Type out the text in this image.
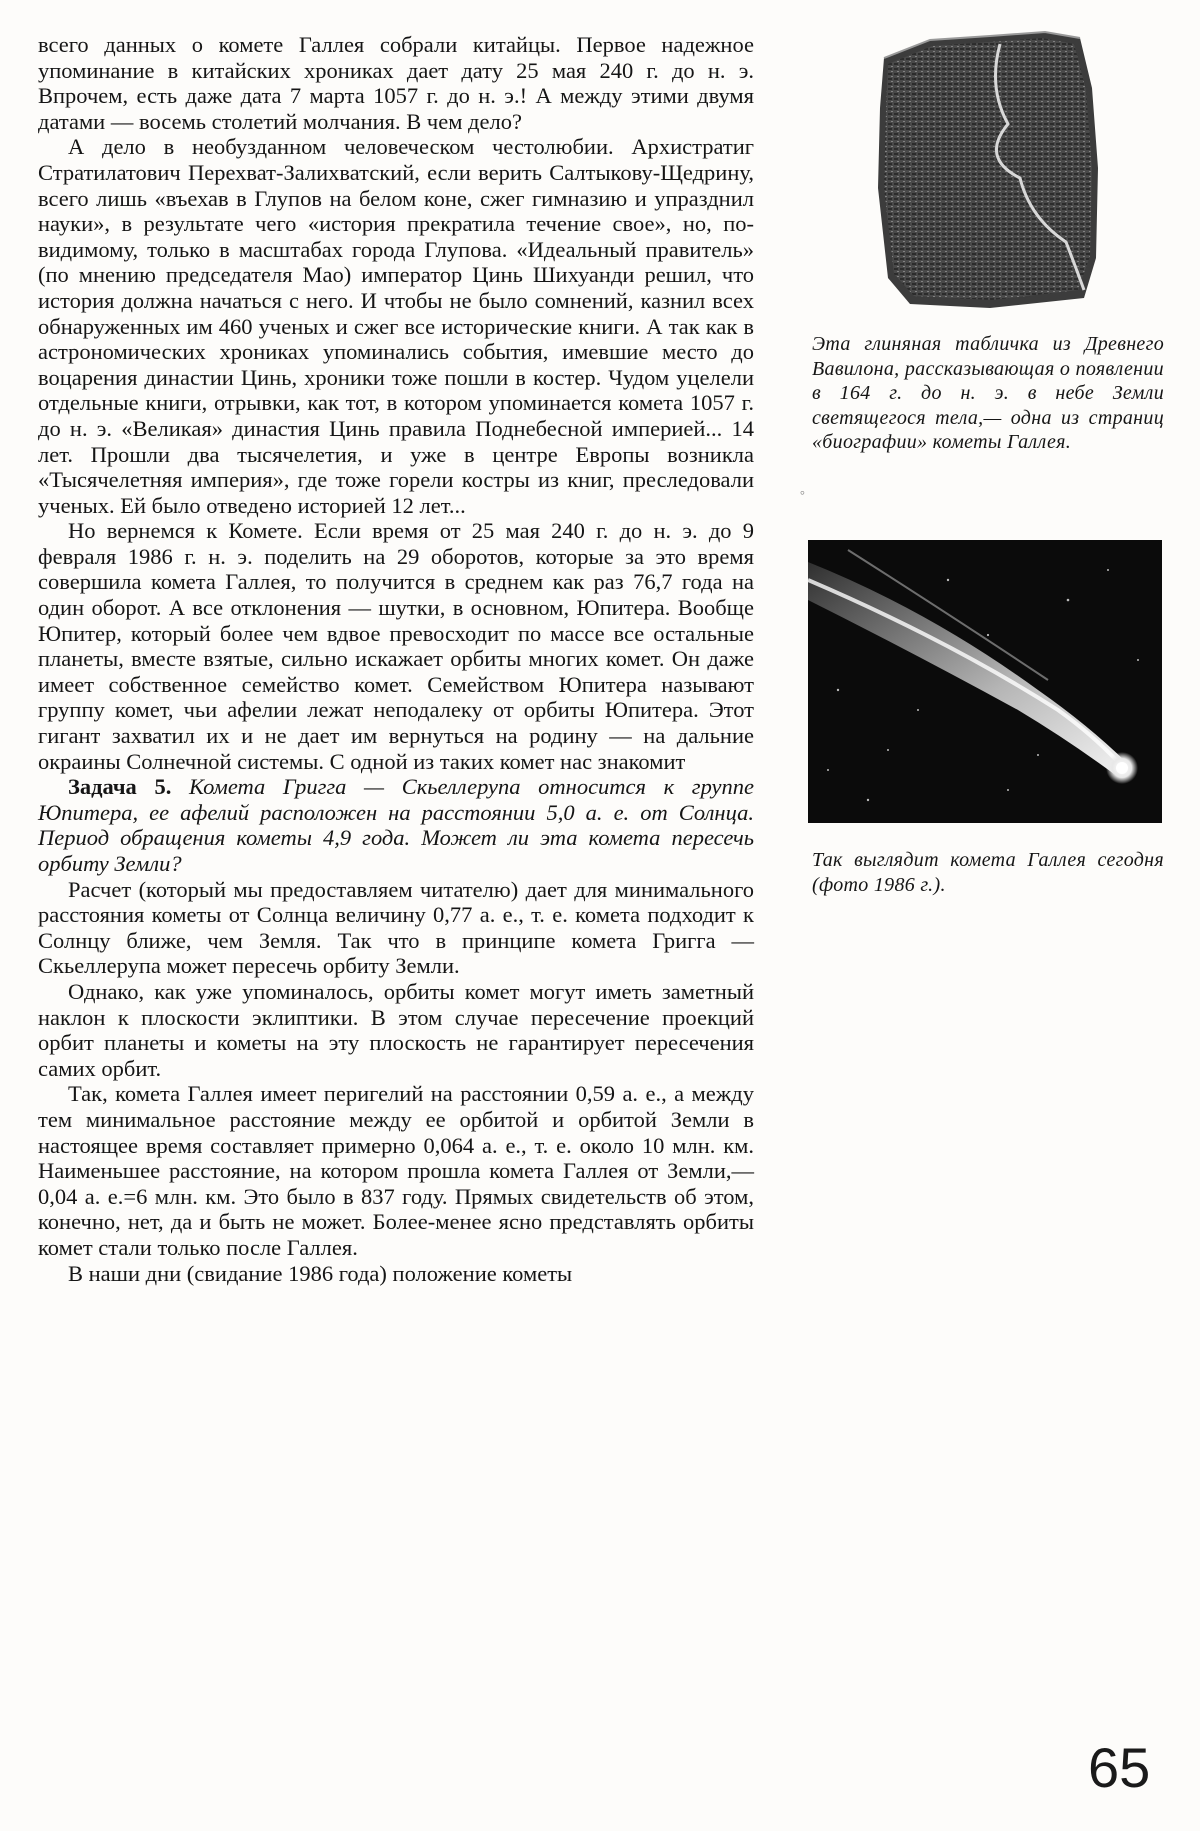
всего данных о комете Галлея собрали китайцы. Первое надежное упоминание в китайских хрониках дает дату 25 мая 240 г. до н. э. Впрочем, есть даже дата 7 марта 1057 г. до н. э.! А между этими двумя датами — восемь столетий молчания. В чем дело?

А дело в необузданном человеческом честолюбии. Архистратиг Стратилатович Перехват-Залихватский, если верить Салтыкову-Щедрину, всего лишь «въехав в Глупов на белом коне, сжег гимназию и упразднил науки», в результате чего «история прекратила течение свое», но, по-видимому, только в масштабах города Глупова. «Идеальный правитель» (по мнению председателя Мао) император Цинь Шихуанди решил, что история должна начаться с него. И чтобы не было сомнений, казнил всех обнаруженных им 460 ученых и сжег все исторические книги. А так как в астрономических хрониках упоминались события, имевшие место до воцарения династии Цинь, хроники тоже пошли в костер. Чудом уцелели отдельные книги, отрывки, как тот, в котором упоминается комета 1057 г. до н. э. «Великая» династия Цинь правила Поднебесной империей... 14 лет. Прошли два тысячелетия, и уже в центре Европы возникла «Тысячелетняя империя», где тоже горели костры из книг, преследовали ученых. Ей было отведено историей 12 лет...

Но вернемся к Комете. Если время от 25 мая 240 г. до н. э. до 9 февраля 1986 г. н. э. поделить на 29 оборотов, которые за это время совершила комета Галлея, то получится в среднем как раз 76,7 года на один оборот. А все отклонения — шутки, в основном, Юпитера. Вообще Юпитер, который более чем вдвое превосходит по массе все остальные планеты, вместе взятые, сильно искажает орбиты многих комет. Он даже имеет собственное семейство комет. Семейством Юпитера называют группу комет, чьи афелии лежат неподалеку от орбиты Юпитера. Этот гигант захватил их и не дает им вернуться на родину — на дальние окраины Солнечной системы. С одной из таких комет нас знакомит

Задача 5. Комета Григга — Скьеллерупа относится к группе Юпитера, ее афелий расположен на расстоянии 5,0 а. е. от Солнца. Период обращения кометы 4,9 года. Может ли эта комета пересечь орбиту Земли?

Расчет (который мы предоставляем читателю) дает для минимального расстояния кометы от Солнца величину 0,77 а. е., т. е. комета подходит к Солнцу ближе, чем Земля. Так что в принципе комета Григга — Скьеллерупа может пересечь орбиту Земли.

Однако, как уже упоминалось, орбиты комет могут иметь заметный наклон к плоскости эклиптики. В этом случае пересечение проекций орбит планеты и кометы на эту плоскость не гарантирует пересечения самих орбит.

Так, комета Галлея имеет перигелий на расстоянии 0,59 а. е., а между тем минимальное расстояние между ее орбитой и орбитой Земли в настоящее время составляет примерно 0,064 а. е., т. е. около 10 млн. км. Наименьшее расстояние, на котором прошла комета Галлея от Земли,— 0,04 а. е.=6 млн. км. Это было в 837 году. Прямых свидетельств об этом, конечно, нет, да и быть не может. Более-менее ясно представлять орбиты комет стали только после Галлея.

В наши дни (свидание 1986 года) положение кометы

Эта глиняная табличка из Древнего Вавилона, рассказывающая о появлении в 164 г. до н. э. в небе Земли светящегося тела,— одна из страниц «биографии» кометы Галлея.
°
Так выглядит комета Галлея сегодня (фото 1986 г.).
65
